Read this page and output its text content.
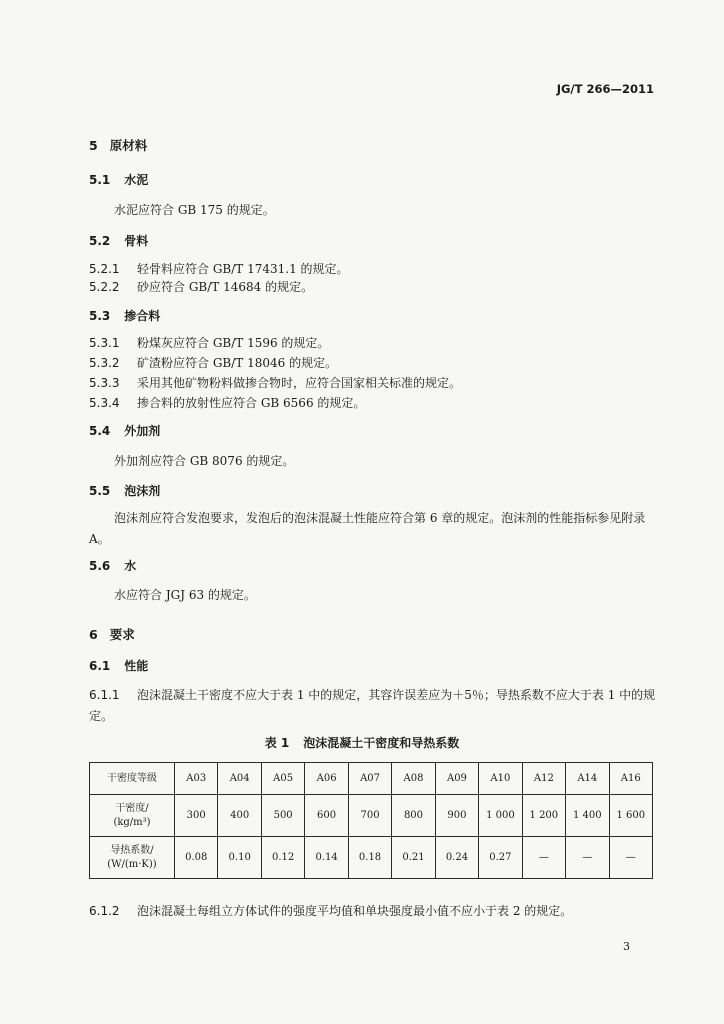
JG/T 266—2011
5 原材料
5.1 水泥
水泥应符合 GB 175 的规定。
5.2 骨料
5.2.1 轻骨料应符合 GB/T 17431.1 的规定。
5.2.2 砂应符合 GB/T 14684 的规定。
5.3 掺合料
5.3.1 粉煤灰应符合 GB/T 1596 的规定。
5.3.2 矿渣粉应符合 GB/T 18046 的规定。
5.3.3 采用其他矿物粉料做掺合物时，应符合国家相关标准的规定。
5.3.4 掺合料的放射性应符合 GB 6566 的规定。
5.4 外加剂
外加剂应符合 GB 8076 的规定。
5.5 泡沫剂
泡沫剂应符合发泡要求，发泡后的泡沫混凝土性能应符合第 6 章的规定。泡沫剂的性能指标参见附录 A。
5.6 水
水应符合 JGJ 63 的规定。
6 要求
6.1 性能
6.1.1 泡沫混凝土干密度不应大于表 1 中的规定，其容许误差应为＋5％；导热系数不应大于表 1 中的规定。
表 1 泡沫混凝土干密度和导热系数
干密度等级	A03	A04	A05	A06	A07	A08	A09	A10	A12	A14	A16

干密度/
(kg/m³)	300	400	500	600	700	800	900	1 000	1 200	1 400	1 600

导热系数/
(W/(m·K))	0.08	0.10	0.12	0.14	0.18	0.21	0.24	0.27	—	—	—
6.1.2 泡沫混凝土每组立方体试件的强度平均值和单块强度最小值不应小于表 2 的规定。
3
